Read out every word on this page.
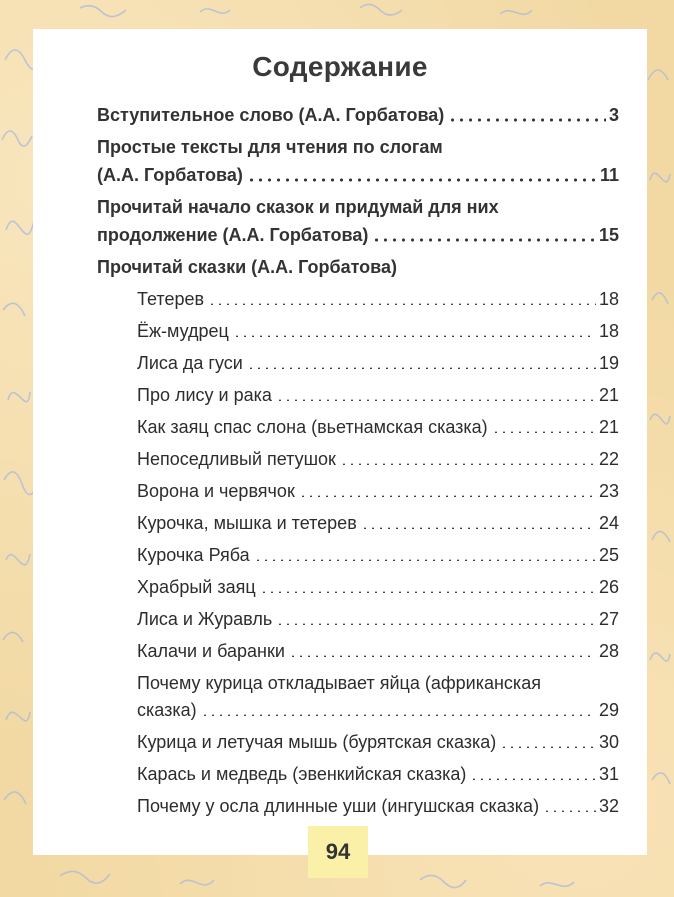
Содержание
Вступительное слово (А.А. Горбатова)	3
Простые тексты для чтения по слогам
(А.А. Горбатова)	11
Прочитай начало сказок и придумай для них
продолжение (А.А. Горбатова)	15
Прочитай сказки (А.А. Горбатова)
Тетерев	18
Ёж-мудрец	18
Лиса да гуси	19
Про лису и рака	21
Как заяц спас слона (вьетнамская сказка)	21
Непоседливый петушок	22
Ворона и червячок	23
Курочка, мышка и тетерев	24
Курочка Ряба	25
Храбрый заяц	26
Лиса и Журавль	27
Калачи и баранки	28
Почему курица откладывает яйца (африканская
сказка)	29
Курица и летучая мышь (бурятская сказка)	30
Карась и медведь (эвенкийская сказка)	31
Почему у осла длинные уши (ингушская сказка)	32
94
